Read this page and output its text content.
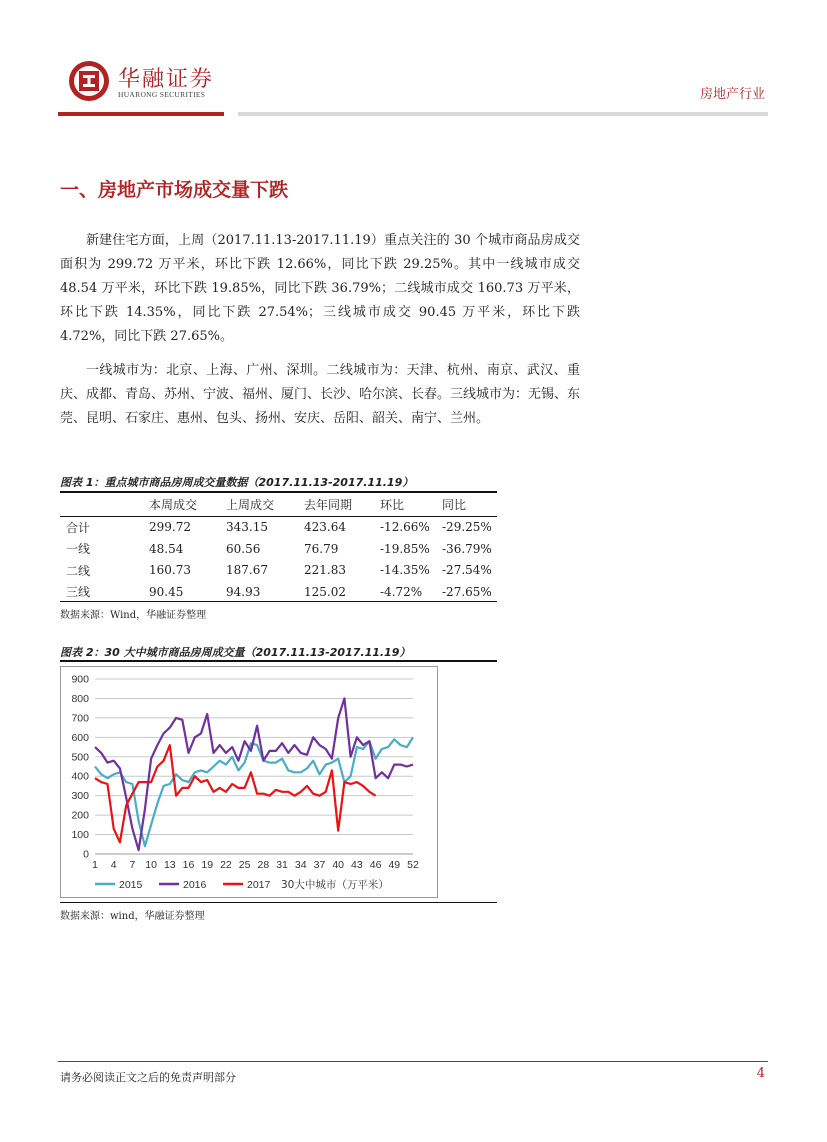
华融证券
HUARONG SECURITIES	房地产行业
一、房地产市场成交量下跌

新建住宅方面，上周（2017.11.13-2017.11.19）重点关注的 30 个城市商品房成交面积为 299.72 万平米，环比下跌 12.66%，同比下跌 29.25%。其中一线城市成交 48.54 万平米，环比下跌 19.85%，同比下跌 36.79%；二线城市成交 160.73 万平米，环比下跌 14.35%，同比下跌 27.54%；三线城市成交 90.45 万平米，环比下跌 4.72%，同比下跌 27.65%。

一线城市为：北京、上海、广州、深圳。二线城市为：天津、杭州、南京、武汉、重庆、成都、青岛、苏州、宁波、福州、厦门、长沙、哈尔滨、长春。三线城市为：无锡、东莞、昆明、石家庄、惠州、包头、扬州、安庆、岳阳、韶关、南宁、兰州。

图表 1：重点城市商品房周成交量数据（2017.11.13-2017.11.19）
	本周成交	上周成交	去年同期	环比	同比
合计	299.72	343.15	423.64	-12.66%	-29.25%
一线	48.54	60.56	76.79	-19.85%	-36.79%
二线	160.73	187.67	221.83	-14.35%	-27.54%
三线	90.45	94.93	125.02	-4.72%	-27.65%
数据来源：Wind，华融证券整理
图表 2：30 大中城市商品房周成交量（2017.11.13-2017.11.19）
0
100
200
300
400
500
600
700
800
900
1 4 7 10 13 16 19 22 25 28 31 34 37 40 43 46 49 52
2015	2016	2017 30大中城市（万平米）
数据来源：wind，华融证券整理
请务必阅读正文之后的免责声明部分	4
